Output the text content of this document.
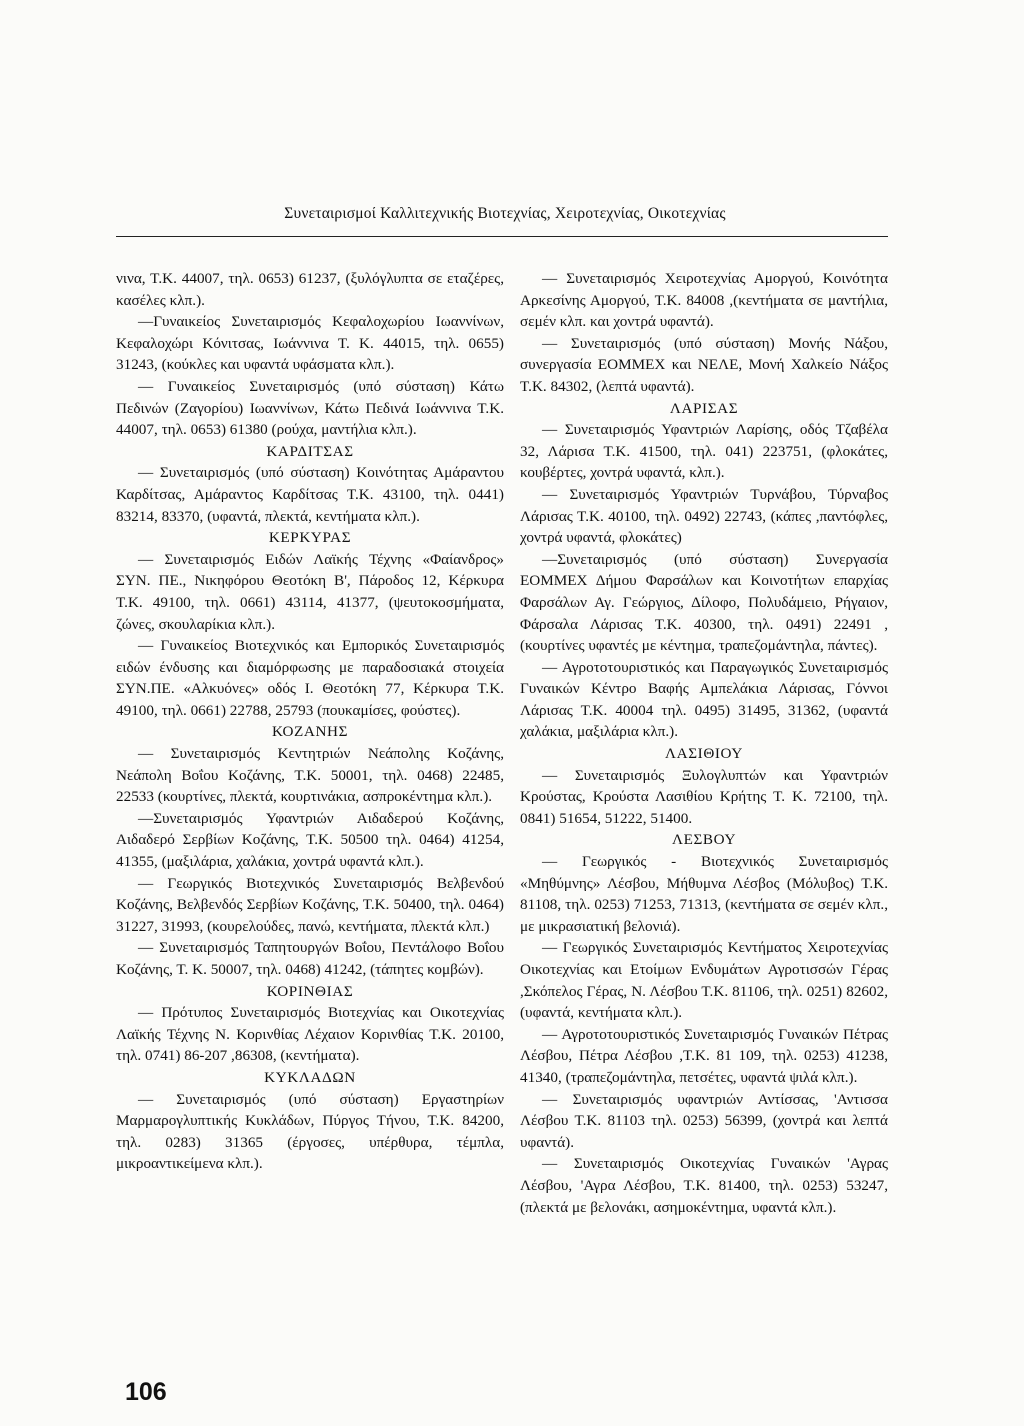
Συνεταιρισμοί Καλλιτεχνικής Βιοτεχνίας, Χειροτεχνίας, Οικοτεχνίας

νινα, Τ.Κ. 44007, τηλ. 0653) 61237, (ξυλόγλυπτα σε εταζέρες, κασέλες κλπ.).

—Γυναικείος Συνεταιρισμός Κεφαλοχωρίου Ιωαννίνων, Κεφαλοχώρι Κόνιτσας, Ιωάννινα Τ. Κ. 44015, τηλ. 0655) 31243, (κούκλες και υφαντά υφάσματα κλπ.).

— Γυναικείος Συνεταιρισμός (υπό σύσταση) Κάτω Πεδινών (Ζαγορίου) Ιωαννίνων, Κάτω Πεδινά Ιωάννινα Τ.Κ. 44007, τηλ. 0653) 61380 (ρούχα, μαντήλια κλπ.).

ΚΑΡΔΙΤΣΑΣ

— Συνεταιρισμός (υπό σύσταση) Κοινότητας Αμάραντου Καρδίτσας, Αμάραντος Καρδίτσας Τ.Κ. 43100, τηλ. 0441) 83214, 83370, (υφαντά, πλεκτά, κεντήματα κλπ.).

ΚΕΡΚΥΡΑΣ

— Συνεταιρισμός Ειδών Λαϊκής Τέχνης «Φαίανδρος» ΣΥΝ. ΠΕ., Νικηφόρου Θεοτόκη Β', Πάροδος 12, Κέρκυρα Τ.Κ. 49100, τηλ. 0661) 43114, 41377, (ψευτοκοσμήματα, ζώνες, σκουλαρίκια κλπ.).

— Γυναικείος Βιοτεχνικός και Εμπορικός Συνεταιρισμός ειδών ένδυσης και διαμόρφωσης με παραδοσιακά στοιχεία ΣΥΝ.ΠΕ. «Αλκυόνες» οδός Ι. Θεοτόκη 77, Κέρκυρα Τ.Κ. 49100, τηλ. 0661) 22788, 25793 (πουκαμίσες, φούστες).

ΚΟΖΑΝΗΣ

— Συνεταιρισμός Κεντητριών Νεάπολης Κοζάνης, Νεάπολη Βοΐου Κοζάνης, Τ.Κ. 50001, τηλ. 0468) 22485, 22533 (κουρτίνες, πλεκτά, κουρτινάκια, ασπροκέντημα κλπ.).

—Συνεταιρισμός Υφαντριών Αιδαδερού Κοζάνης, Αιδαδερό Σερβίων Κοζάνης, Τ.Κ. 50500 τηλ. 0464) 41254, 41355, (μαξιλάρια, χαλάκια, χοντρά υφαντά κλπ.).

— Γεωργικός Βιοτεχνικός Συνεταιρισμός Βελβενδού Κοζάνης, Βελβενδός Σερβίων Κοζάνης, Τ.Κ. 50400, τηλ. 0464) 31227, 31993, (κουρελούδες, πανώ, κεντήματα, πλεκτά κλπ.)

— Συνεταιρισμός Ταπητουργών Βοΐου, Πεντάλοφο Βοΐου Κοζάνης, Τ. Κ. 50007, τηλ. 0468) 41242, (τάπητες κομβών).

ΚΟΡΙΝΘΙΑΣ

— Πρότυπος Συνεταιρισμός Βιοτεχνίας και Οικοτεχνίας Λαϊκής Τέχνης Ν. Κορινθίας Λέχαιον Κορινθίας Τ.Κ. 20100, τηλ. 0741) 86-207 ,86308, (κεντήματα).

ΚΥΚΛΑΔΩΝ

— Συνεταιρισμός (υπό σύσταση) Εργαστηρίων Μαρμαρογλυπτικής Κυκλάδων, Πύργος Τήνου, Τ.Κ. 84200, τηλ. 0283) 31365 (έργοσες, υπέρθυρα, τέμπλα, μικροαντικείμενα κλπ.).

— Συνεταιρισμός Χειροτεχνίας Αμοργού, Κοινότητα Αρκεσίνης Αμοργού, Τ.Κ. 84008 ,(κεντήματα σε μαντήλια, σεμέν κλπ. και χοντρά υφαντά).

— Συνεταιρισμός (υπό σύσταση) Μονής Νάξου, συνεργασία ΕΟΜΜΕΧ και ΝΕΛΕ, Μονή Χαλκείο Νάξος Τ.Κ. 84302, (λεπτά υφαντά).

ΛΑΡΙΣΑΣ

— Συνεταιρισμός Υφαντριών Λαρίσης, οδός Τζαβέλα 32, Λάρισα Τ.Κ. 41500, τηλ. 041) 223751, (φλοκάτες, κουβέρτες, χοντρά υφαντά, κλπ.).

— Συνεταιρισμός Υφαντριών Τυρνάβου, Τύρναβος Λάρισας Τ.Κ. 40100, τηλ. 0492) 22743, (κάπες ,παντόφλες, χοντρά υφαντά, φλοκάτες)

—Συνεταιρισμός (υπό σύσταση) Συνεργασία ΕΟΜΜΕΧ Δήμου Φαρσάλων και Κοινοτήτων επαρχίας Φαρσάλων Αγ. Γεώργιος, Δίλοφο, Πολυδάμειο, Ρήγαιον, Φάρσαλα Λάρισας Τ.Κ. 40300, τηλ. 0491) 22491 ,(κουρτίνες υφαντές με κέντημα, τραπεζομάντηλα, πάντες).

— Αγροτοτουριστικός και Παραγωγικός Συνεταιρισμός Γυναικών Κέντρο Βαφής Αμπελάκια Λάρισας, Γόννοι Λάρισας Τ.Κ. 40004 τηλ. 0495) 31495, 31362, (υφαντά χαλάκια, μαξιλάρια κλπ.).

ΛΑΣΙΘΙΟΥ

— Συνεταιρισμός Ξυλογλυπτών και Υφαντριών Κρούστας, Κρούστα Λασιθίου Κρήτης Τ. Κ. 72100, τηλ. 0841) 51654, 51222, 51400.

ΛΕΣΒΟΥ

— Γεωργικός - Βιοτεχνικός Συνεταιρισμός «Μηθύμνης» Λέσβου, Μήθυμνα Λέσβος (Μόλυβος) Τ.Κ. 81108, τηλ. 0253) 71253, 71313, (κεντήματα σε σεμέν κλπ., με μικρασιατική βελονιά).

— Γεωργικός Συνεταιρισμός Κεντήματος Χειροτεχνίας Οικοτεχνίας και Ετοίμων Ενδυμάτων Αγροτισσών Γέρας ,Σκόπελος Γέρας, Ν. Λέσβου Τ.Κ. 81106, τηλ. 0251) 82602, (υφαντά, κεντήματα κλπ.).

— Αγροτοτουριστικός Συνεταιρισμός Γυναικών Πέτρας Λέσβου, Πέτρα Λέσβου ,Τ.Κ. 81 109, τηλ. 0253) 41238, 41340, (τραπεζομάντηλα, πετσέτες, υφαντά ψιλά κλπ.).

— Συνεταιρισμός υφαντριών Αντίσσας, 'Αντισσα Λέσβου Τ.Κ. 81103 τηλ. 0253) 56399, (χοντρά και λεπτά υφαντά).

— Συνεταιρισμός Οικοτεχνίας Γυναικών 'Αγρας Λέσβου, 'Αγρα Λέσβου, Τ.Κ. 81400, τηλ. 0253) 53247, (πλεκτά με βελονάκι, ασημοκέντημα, υφαντά κλπ.).

106
